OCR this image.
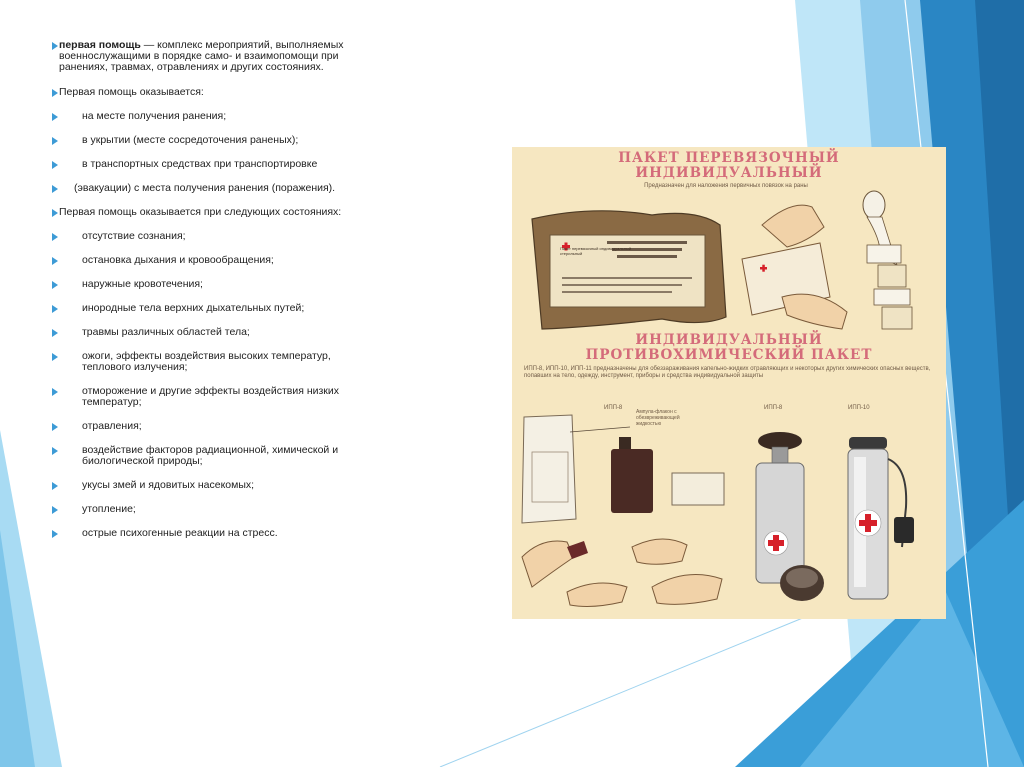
первая помощь — комплекс мероприятий, выполняемых военнослужащими в порядке само- и взаимопомощи при ранениях, травмах, отравлениях и других состояниях.
Первая помощь оказывается:
на месте получения ранения;
в укрытии (месте сосредоточения раненых);
в транспортных средствах при транспортировке
(эвакуации) с места получения ранения (поражения).
Первая помощь оказывается при следующих состояниях:
отсутствие сознания;
остановка дыхания и кровообращения;
наружные кровотечения;
инородные тела верхних дыхательных путей;
травмы различных областей тела;
ожоги, эффекты воздействия высоких температур, теплового излучения;
отморожение и другие эффекты воздействия низких температур;
отравления;
воздействие факторов радиационной, химической и биологической природы;
укусы змей и ядовитых насекомых;
утопление;
острые психогенные реакции на стресс.
ПАКЕТ ПЕРЕВЯЗОЧНЫЙ
ИНДИВИДУАЛЬНЫЙ
Предназначен для наложения первичных повязок на раны
Пакет перевязочный индивидуальный стерильный
ИНДИВИДУАЛЬНЫЙ
ПРОТИВОХИМИЧЕСКИЙ ПАКЕТ
ИПП-8, ИПП-10, ИПП-11 предназначены для обеззараживания капельно-жидких отравляющих и некоторых других химических опасных веществ, попавших на тело, одежду, инструмент, приборы и средства индивидуальной защиты
ИПП-8
Ампула-флакон с обезвреживающей жидкостью
ИПП-8	ИПП-10
